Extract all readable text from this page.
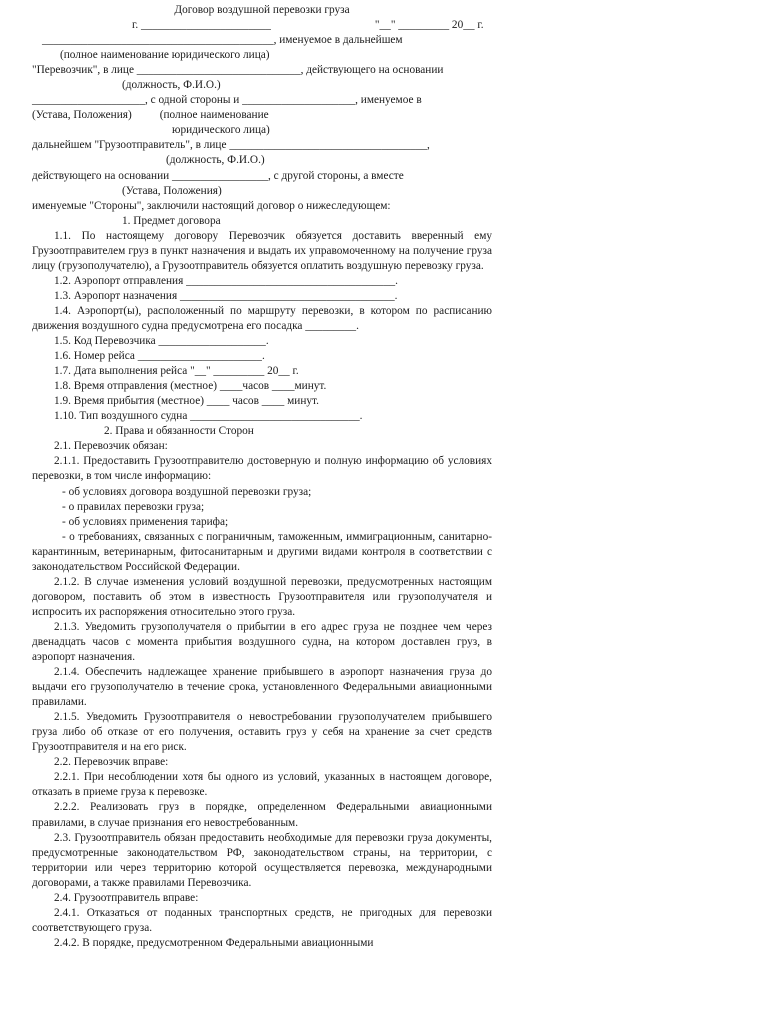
Договор воздушной перевозки груза
г. _______________________	"__" _________ 20__ г.
_________________________________________, именуемое в дальнейшем
(полное наименование юридического лица)
"Перевозчик", в лице _____________________________, действующего на основании
(должность, Ф.И.О.)
____________________, с одной стороны и ____________________, именуемое в
(Устава, Положения) (полное наименование
юридического лица)
дальнейшем "Грузоотправитель", в лице ___________________________________,
(должность, Ф.И.О.)
действующего на основании _________________, с другой стороны, а вместе
(Устава, Положения)
именуемые "Стороны", заключили настоящий договор о нижеследующем:

1. Предмет договора

1.1. По настоящему договору Перевозчик обязуется доставить вверенный ему Грузоотправителем груз в пункт назначения и выдать их управомоченному на получение груза лицу (грузополучателю), а Грузоотправитель обязуется оплатить воздушную перевозку груза.

1.2. Аэропорт отправления _____________________________________.

1.3. Аэропорт назначения ______________________________________.

1.4. Аэропорт(ы), расположенный по маршруту перевозки, в котором по расписанию движения воздушного судна предусмотрена его посадка _________.

1.5. Код Перевозчика ___________________.

1.6. Номер рейса ______________________.

1.7. Дата выполнения рейса "__" _________ 20__ г.

1.8. Время отправления (местное) ____часов ____минут.

1.9. Время прибытия (местное) ____ часов ____ минут.

1.10. Тип воздушного судна ______________________________.

2. Права и обязанности Сторон

2.1. Перевозчик обязан:

2.1.1. Предоставить Грузоотправителю достоверную и полную информацию об условиях перевозки, в том числе информацию:

- об условиях договора воздушной перевозки груза;

- о правилах перевозки груза;

- об условиях применения тарифа;

- о требованиях, связанных с пограничным, таможенным, иммиграционным, санитарно-карантинным, ветеринарным, фитосанитарным и другими видами контроля в соответствии с законодательством Российской Федерации.

2.1.2. В случае изменения условий воздушной перевозки, предусмотренных настоящим договором, поставить об этом в известность Грузоотправителя или грузополучателя и испросить их распоряжения относительно этого груза.

2.1.3. Уведомить грузополучателя о прибытии в его адрес груза не позднее чем через двенадцать часов с момента прибытия воздушного судна, на котором доставлен груз, в аэропорт назначения.

2.1.4. Обеспечить надлежащее хранение прибывшего в аэропорт назначения груза до выдачи его грузополучателю в течение срока, установленного Федеральными авиационными правилами.

2.1.5. Уведомить Грузоотправителя о невостребовании грузополучателем прибывшего груза либо об отказе от его получения, оставить груз у себя на хранение за счет средств Грузоотправителя и на его риск.

2.2. Перевозчик вправе:

2.2.1. При несоблюдении хотя бы одного из условий, указанных в настоящем договоре, отказать в приеме груза к перевозке.

2.2.2. Реализовать груз в порядке, определенном Федеральными авиационными правилами, в случае признания его невостребованным.

2.3. Грузоотправитель обязан предоставить необходимые для перевозки груза документы, предусмотренные законодательством РФ, законодательством страны, на территории, с территории или через территорию которой осуществляется перевозка, международными договорами, а также правилами Перевозчика.

2.4. Грузоотправитель вправе:

2.4.1. Отказаться от поданных транспортных средств, не пригодных для перевозки соответствующего груза.

2.4.2. В порядке, предусмотренном Федеральными авиационными
